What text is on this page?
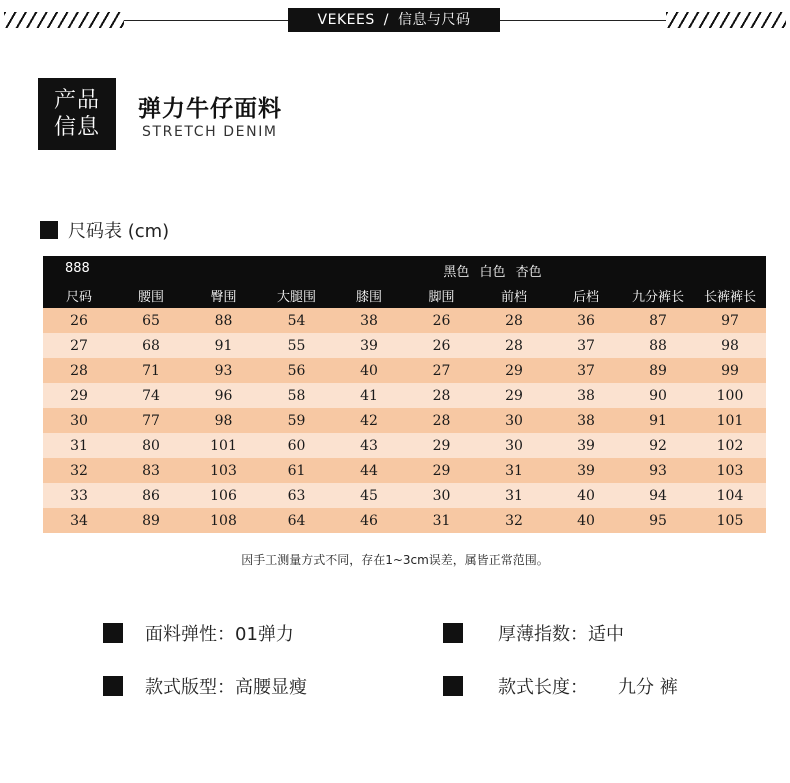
VEKEES / 信息与尺码
产品
信息
弹力牛仔面料
STRETCH DENIM
尺码表 (cm)
888	黑色 白色 杏色
尺码	腰围	臀围	大腿围	膝围	脚围	前档	后档	九分裤长	长裤裤长
26	65	88	54	38	26	28	36	87	97
27	68	91	55	39	26	28	37	88	98
28	71	93	56	40	27	29	37	89	99
29	74	96	58	41	28	29	38	90	100
30	77	98	59	42	28	30	38	91	101
31	80	101	60	43	29	30	39	92	102
32	83	103	61	44	29	31	39	93	103
33	86	106	63	45	30	31	40	94	104
34	89	108	64	46	31	32	40	95	105
因手工测量方式不同，存在1~3cm误差，属皆正常范围。
面料弹性： 01弹力	厚薄指数： 适中
款式版型： 高腰显瘦	款式长度： 九分 裤
